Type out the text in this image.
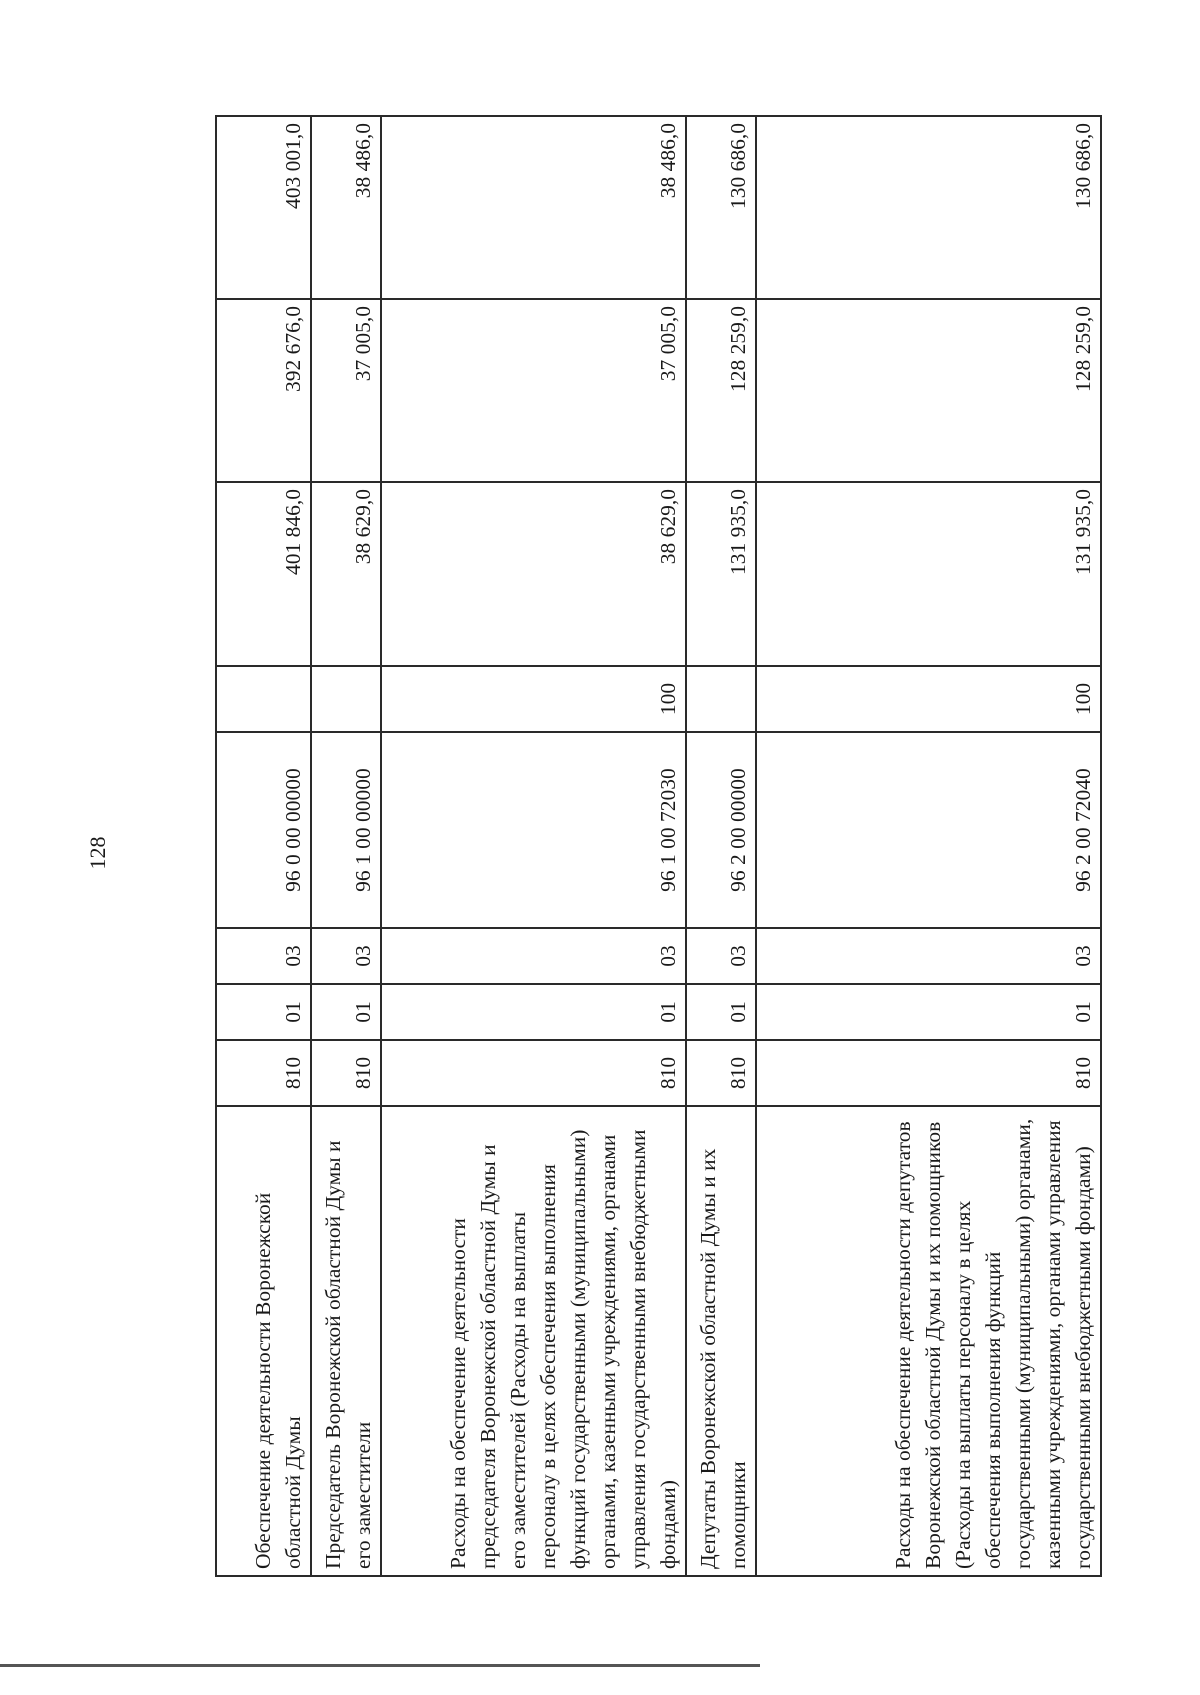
128
Обеспечение деятельности Воронежской областной Думы	810	01	03	96 0 00 00000		401 846,0	392 676,0	403 001,0
Председатель Воронежской областной Думы и его заместители	810	01	03	96 1 00 00000		38 629,0	37 005,0	38 486,0
Расходы на обеспечение деятельности председателя Воронежской областной Думы и его заместителей (Расходы на выплаты персоналу в целях обеспечения выполнения функций государственными (муниципальными) органами, казенными учреждениями, органами управления государственными внебюджетными фондами)	810	01	03	96 1 00 72030	100	38 629,0	37 005,0	38 486,0
Депутаты Воронежской областной Думы и их помощники	810	01	03	96 2 00 00000		131 935,0	128 259,0	130 686,0
Расходы на обеспечение деятельности депутатов Воронежской областной Думы и их помощников (Расходы на выплаты персоналу в целях обеспечения выполнения функций государственными (муниципальными) органами, казенными учреждениями, органами управления государственными внебюджетными фондами)	810	01	03	96 2 00 72040	100	131 935,0	128 259,0	130 686,0
